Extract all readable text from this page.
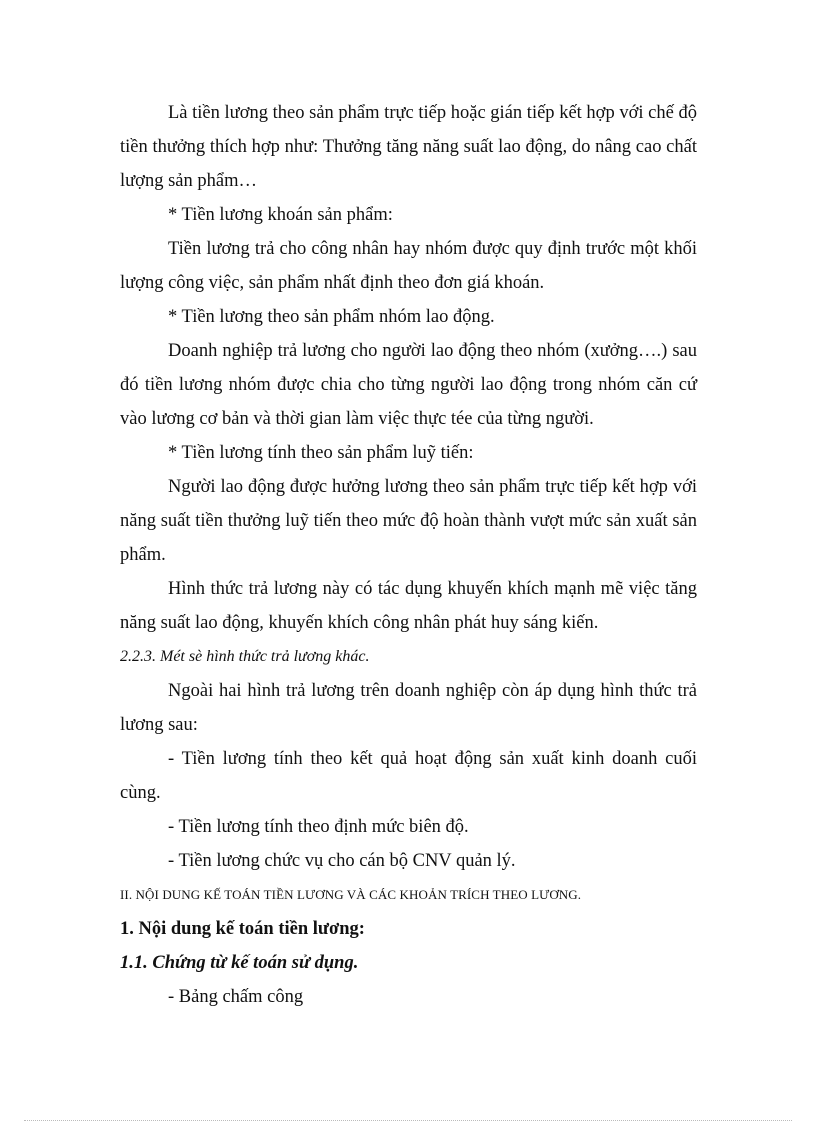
Là tiền lương theo sản phẩm trực tiếp hoặc gián tiếp kết hợp với chế độ tiền thưởng thích hợp như: Thưởng tăng năng suất lao động, do nâng cao chất lượng sản phẩm…

* Tiền lương khoán sản phẩm:

Tiền lương trả cho công nhân hay nhóm được quy định trước một khối lượng công việc, sản phẩm nhất định theo đơn giá khoán.

* Tiền lương theo sản phẩm nhóm lao động.

Doanh nghiệp trả lương cho người lao động theo nhóm (xưởng….) sau đó tiền lương nhóm được chia cho từng người lao động trong nhóm căn cứ vào lương cơ bản và thời gian làm việc thực tée của từng người.

* Tiền lương tính theo sản phẩm luỹ tiến:

Người lao động được hưởng lương theo sản phẩm trực tiếp kết hợp với năng suất tiền thưởng luỹ tiến theo mức độ hoàn thành vượt mức sản xuất sản phẩm.

Hình thức trả lương này có tác dụng khuyến khích mạnh mẽ việc tăng năng suất lao động, khuyến khích công nhân phát huy sáng kiến.

2.2.3. Mét sè hình thức trả lương khác.

Ngoài hai hình trả lương trên doanh nghiệp còn áp dụng hình thức trả lương sau:

- Tiền lương tính theo kết quả hoạt động sản xuất kinh doanh cuối cùng.

- Tiền lương tính theo định mức biên độ.

- Tiền lương chức vụ cho cán bộ CNV quản lý.

II. NỘI DUNG KẾ TOÁN TIỀN LƯƠNG VÀ CÁC KHOẢN TRÍCH THEO LƯƠNG.

1. Nội dung kế toán tiền lương:

1.1. Chứng từ kế toán sử dụng.

- Bảng chấm công
